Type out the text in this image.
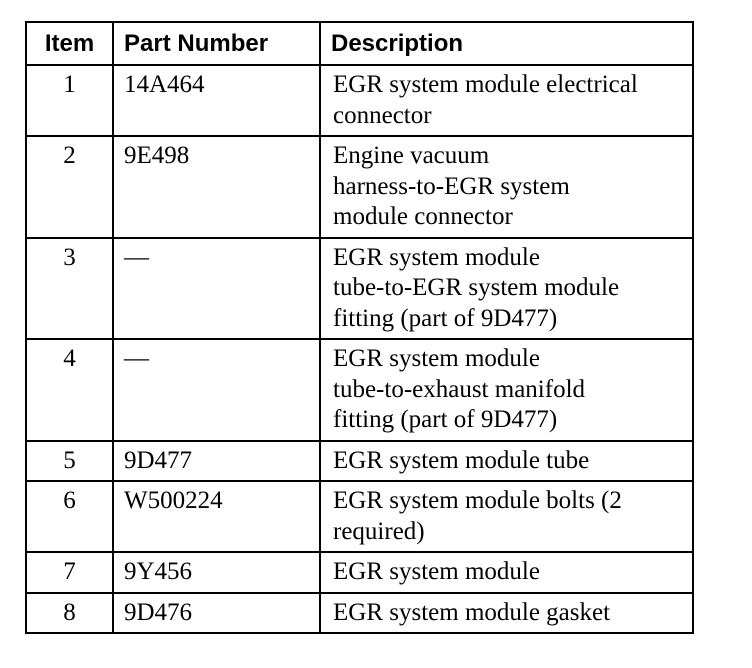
Item	Part Number	Description
1	14A464	EGR system module electrical
connector
2	9E498	Engine vacuum
harness-to-EGR system
module connector
3	—	EGR system module
tube-to-EGR system module
fitting (part of 9D477)
4	—	EGR system module
tube-to-exhaust manifold
fitting (part of 9D477)
5	9D477	EGR system module tube
6	W500224	EGR system module bolts (2
required)
7	9Y456	EGR system module
8	9D476	EGR system module gasket
